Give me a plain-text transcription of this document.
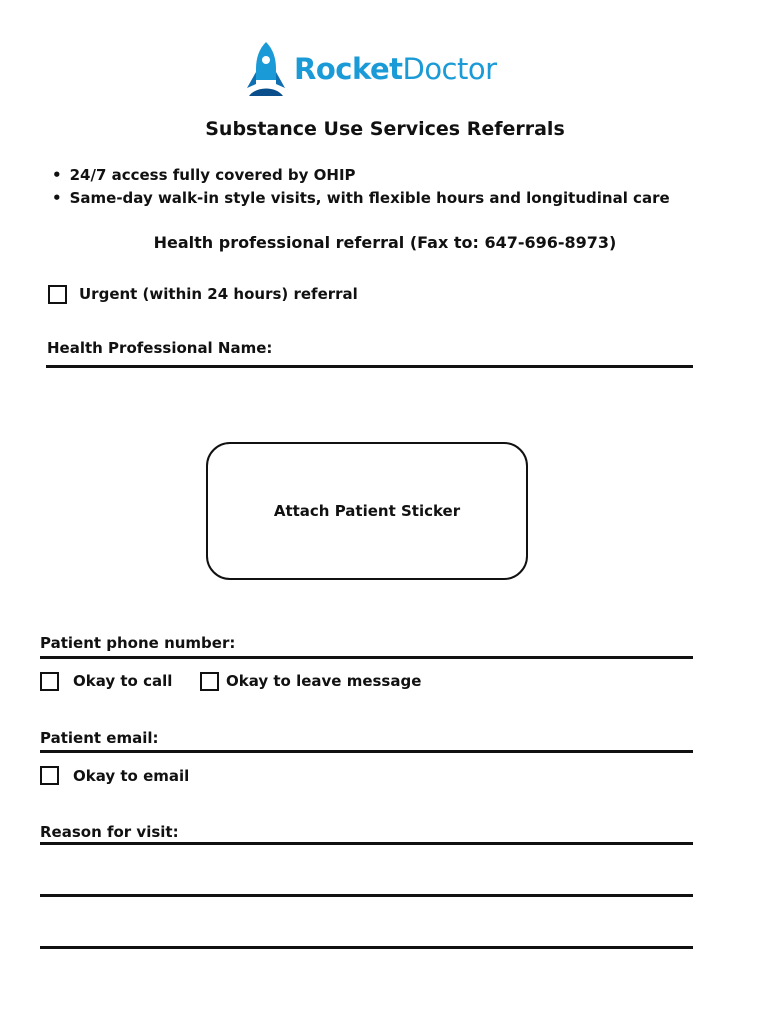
RocketDoctor
Substance Use Services Referrals
• 24/7 access fully covered by OHIP
• Same-day walk-in style visits, with flexible hours and longitudinal care
Health professional referral (Fax to: 647-696-8973)
Urgent (within 24 hours) referral
Health Professional Name:
Attach Patient Sticker
Patient phone number:
Okay to call	Okay to leave message
Patient email:
Okay to email
Reason for visit:
